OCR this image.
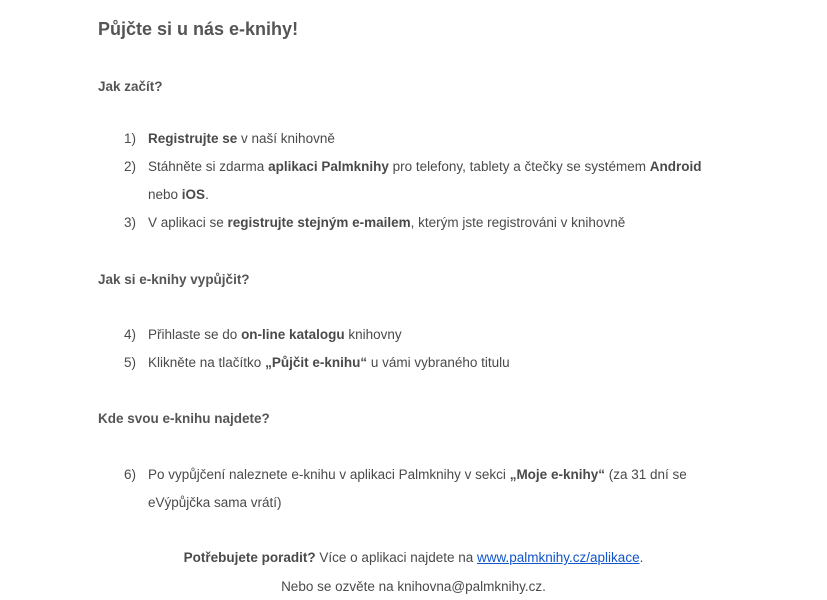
Půjčte si u nás e-knihy!
Jak začít?
1) Registrujte se v naší knihovně
2) Stáhněte si zdarma aplikaci Palmknihy pro telefony, tablety a čtečky se systémem Android nebo iOS.
3) V aplikaci se registrujte stejným e-mailem, kterým jste registrováni v knihovně
Jak si e-knihy vypůjčit?
4) Přihlaste se do on-line katalogu knihovny
5) Klikněte na tlačítko „Půjčit e-knihu“ u vámi vybraného titulu
Kde svou e-knihu najdete?
6) Po vypůjčení naleznete e-knihu v aplikaci Palmknihy v sekci „Moje e-knihy“ (za 31 dní se eVýpůjčka sama vrátí)
Potřebujete poradit? Více o aplikaci najdete na www.palmknihy.cz/aplikace.
Nebo se ozvěte na knihovna@palmknihy.cz.
